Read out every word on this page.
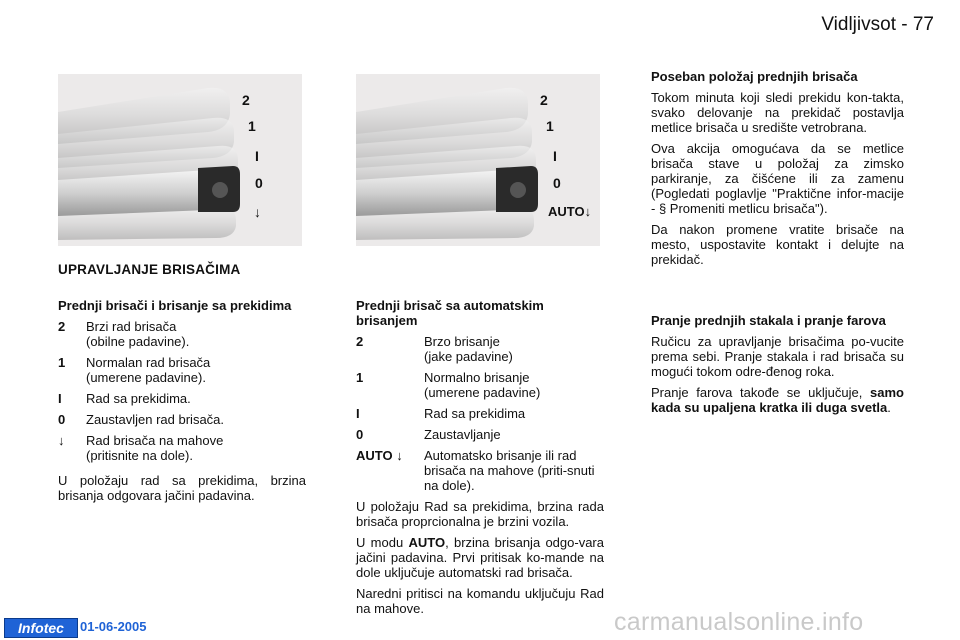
Vidljivsot - 77
2
1
I
0
↓
2
1
I
0
AUTO↓
UPRAVLJANJE BRISAČIMA
Prednji brisači i brisanje sa prekidima
2	Brzi rad brisača
(obilne padavine).
1	Normalan rad brisača
(umerene padavine).
I	Rad sa prekidima.
0	Zaustavljen rad brisača.
↓	Rad brisača na mahove
(pritisnite na dole).

U položaju rad sa prekidima, brzina brisanja odgovara jačini padavina.

Prednji brisač sa automatskim brisanjem
2	Brzo brisanje
(jake padavine)
1	Normalno brisanje
(umerene padavine)
I	Rad sa prekidima
0	Zaustavljanje
AUTO ↓	Automatsko brisanje ili rad brisača na mahove (priti-snuti na dole).

U položaju Rad sa prekidima, brzina rada brisača proprcionalna je brzini vozila.

U modu AUTO, brzina brisanja odgo-vara jačini padavina. Prvi pritisak ko-mande na dole uključuje automatski rad brisača.

Naredni pritisci na komandu uključuju Rad na mahove.

Poseban položaj prednjih brisača

Tokom minuta koji sledi prekidu kon-takta, svako delovanje na prekidač postavlja metlice brisača u središte vetrobrana.

Ova akcija omogućava da se metlice brisača stave u položaj za zimsko parkiranje, za čišćene ili za zamenu (Pogledati poglavlje "Praktične infor-macije - § Promeniti metlicu brisača").

Da nakon promene vratite brisače na mesto, uspostavite kontakt i delujte na prekidač.

Pranje prednjih stakala i pranje farova

Ručicu za upravljanje brisačima po-vucite prema sebi. Pranje stakala i rad brisača su mogući tokom odre-đenog roka.

Pranje farova takođe se uključuje, samo kada su upaljena kratka ili duga svetla.

Infotec	01-06-2005	carmanualsonline.info
